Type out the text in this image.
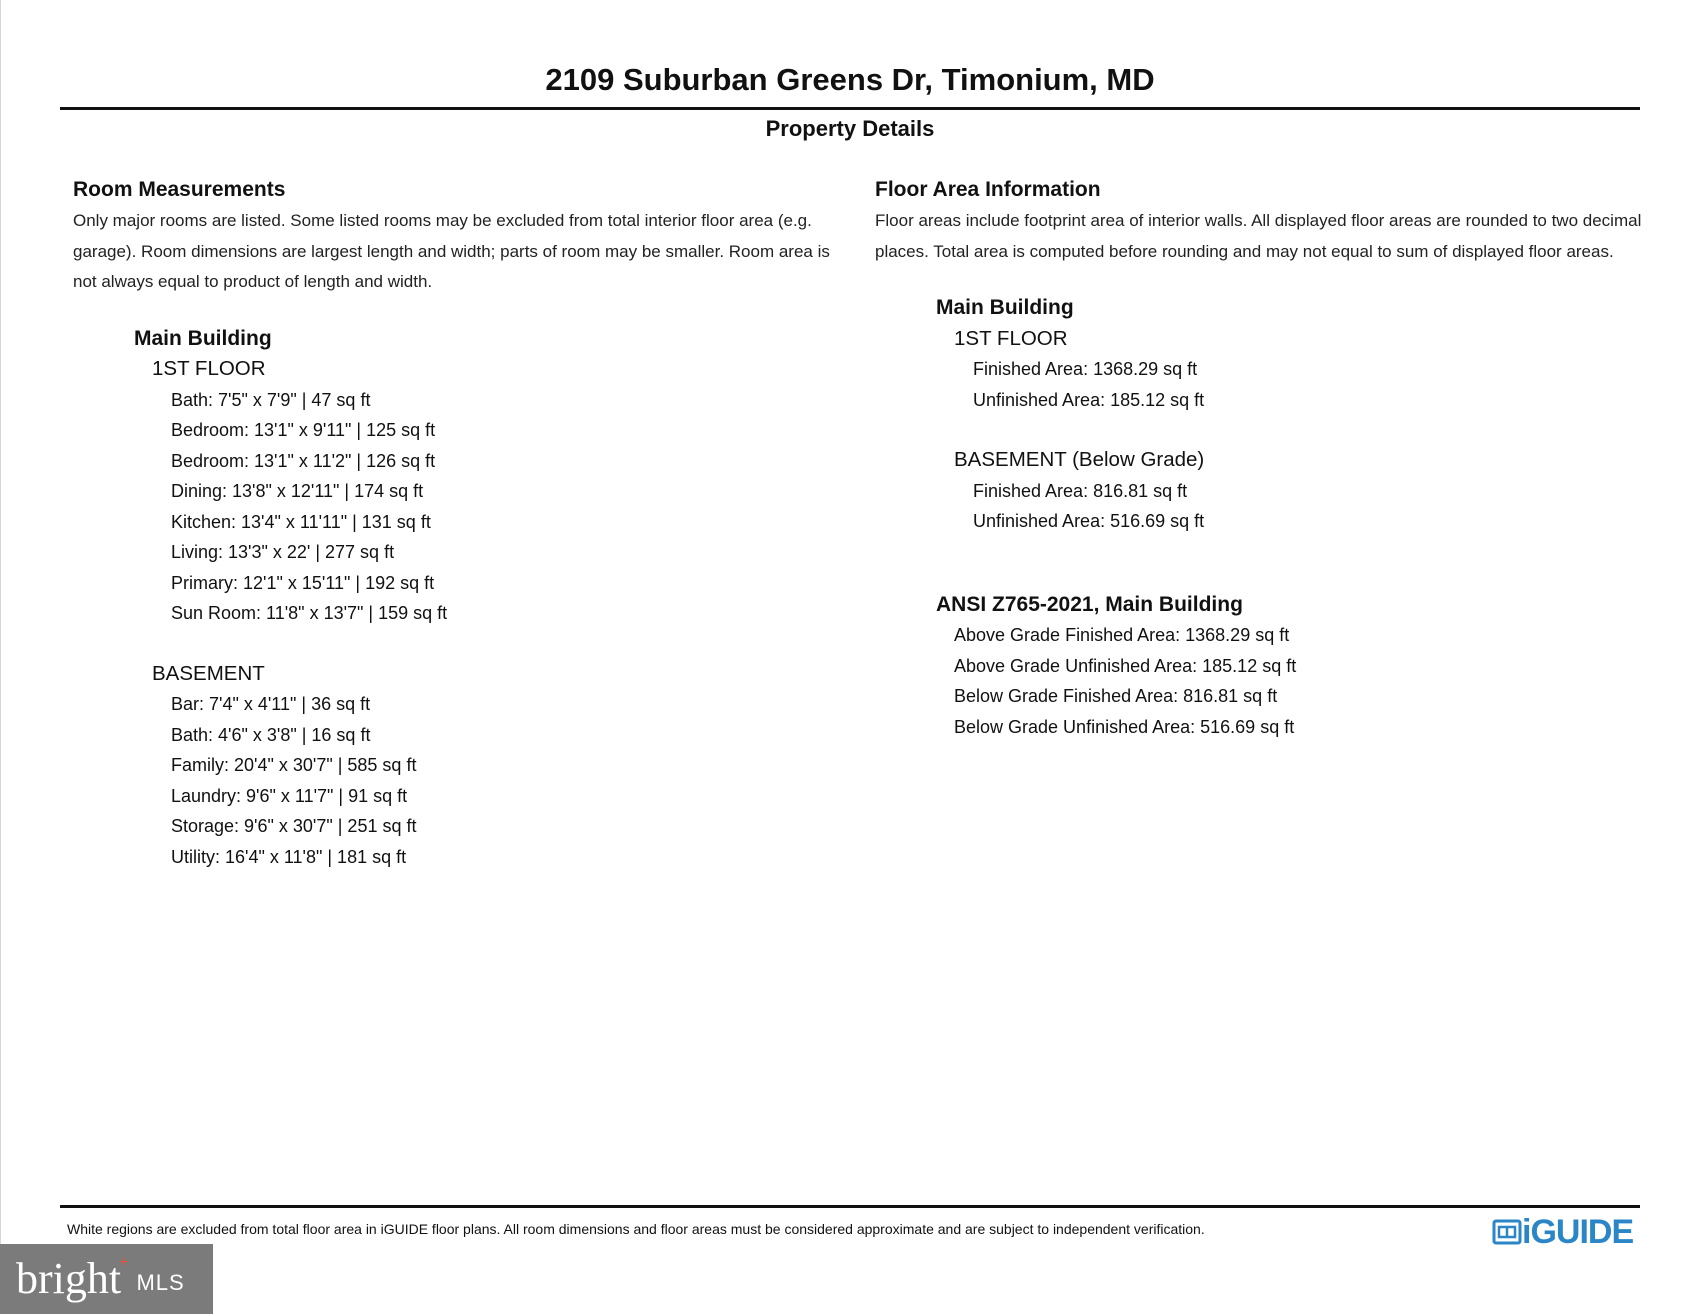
2109 Suburban Greens Dr, Timonium, MD
Property Details
Room Measurements
Only major rooms are listed. Some listed rooms may be excluded from total interior floor area (e.g. garage). Room dimensions are largest length and width; parts of room may be smaller. Room area is not always equal to product of length and width.
Main Building
1ST FLOOR
Bath: 7'5" x 7'9" | 47 sq ft
Bedroom: 13'1" x 9'11" | 125 sq ft
Bedroom: 13'1" x 11'2" | 126 sq ft
Dining: 13'8" x 12'11" | 174 sq ft
Kitchen: 13'4" x 11'11" | 131 sq ft
Living: 13'3" x 22' | 277 sq ft
Primary: 12'1" x 15'11" | 192 sq ft
Sun Room: 11'8" x 13'7" | 159 sq ft
BASEMENT
Bar: 7'4" x 4'11" | 36 sq ft
Bath: 4'6" x 3'8" | 16 sq ft
Family: 20'4" x 30'7" | 585 sq ft
Laundry: 9'6" x 11'7" | 91 sq ft
Storage: 9'6" x 30'7" | 251 sq ft
Utility: 16'4" x 11'8" | 181 sq ft
Floor Area Information
Floor areas include footprint area of interior walls. All displayed floor areas are rounded to two decimal places. Total area is computed before rounding and may not equal to sum of displayed floor areas.
Main Building
1ST FLOOR
Finished Area: 1368.29 sq ft
Unfinished Area: 185.12 sq ft
BASEMENT (Below Grade)
Finished Area: 816.81 sq ft
Unfinished Area: 516.69 sq ft
ANSI Z765-2021, Main Building
Above Grade Finished Area: 1368.29 sq ft
Above Grade Unfinished Area: 185.12 sq ft
Below Grade Finished Area: 816.81 sq ft
Below Grade Unfinished Area: 516.69 sq ft
White regions are excluded from total floor area in iGUIDE floor plans. All room dimensions and floor areas must be considered approximate and are subject to independent verification.	iGUIDE
bright
+
MLS
